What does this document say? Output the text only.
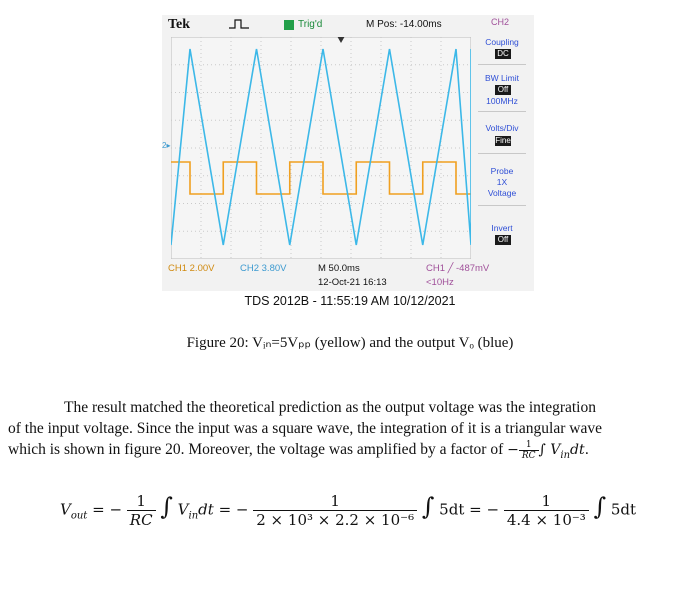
Tek	Trig'd	M Pos: -14.00ms	CH2
2▸
Coupling
DC
BW Limit
Off
100MHz
Volts/Div
Fine
Probe
1X
Voltage
Invert
Off
CH1 2.00V	CH2 3.80V	M 50.0ms	CH1 ╱ -487mV
12-Oct-21 16:13	<10Hz
TDS 2012B - 11:55:19 AM 10/12/2021
Figure 20: Vᵢₙ=5Vₚₚ (yellow) and the output Vₒ (blue)
The result matched the theoretical prediction as the output voltage was the integration
of the input voltage. Since the input was a square wave, the integration of it is a triangular wave
which is shown in figure 20. Moreover, the voltage was amplified by a factor of − $\frac{1}{RC}$ ∫ $V_{in}dt$.
$V_{out}$ = − $\frac{1}{RC}$ ∫ $V_{in}dt$ = − $\frac{1}{\text{2 × 10³ × 2.2 × 10⁻⁶}}$ ∫ 5dt = − $\frac{1}{\text{4.4 × 10⁻³}}$ ∫ 5dt
